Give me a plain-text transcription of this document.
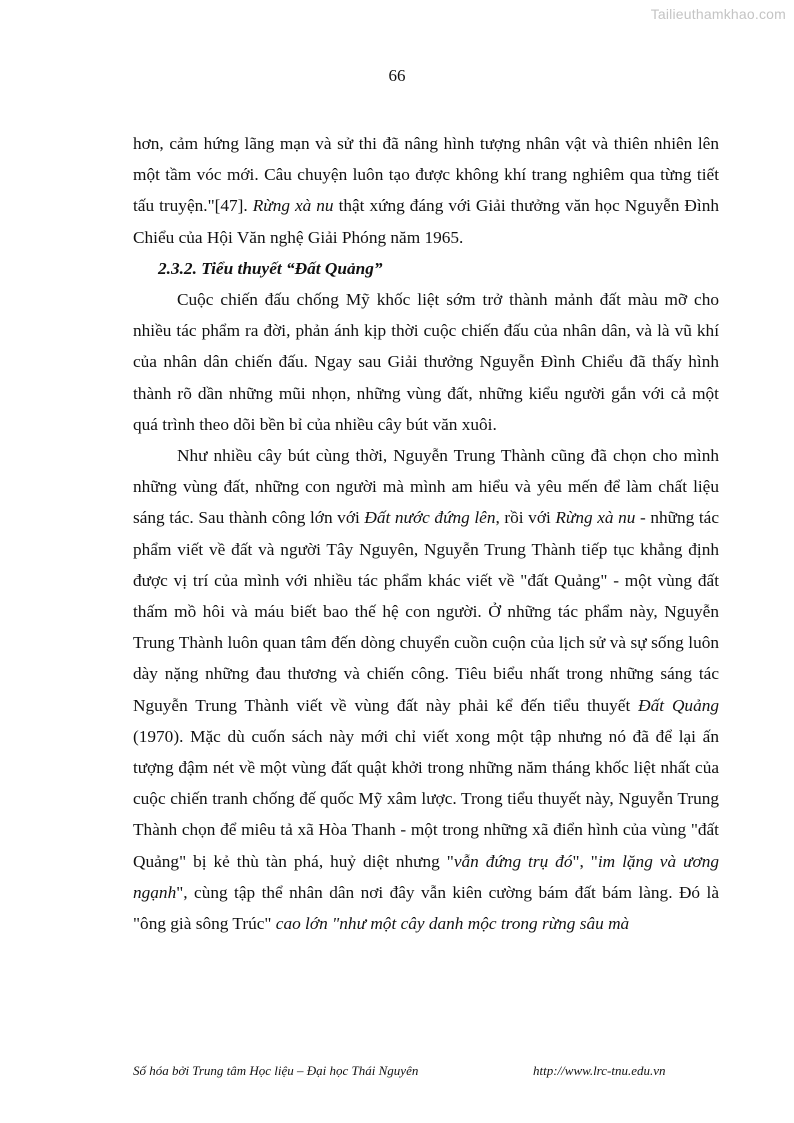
Tailieuthamkhao.com
66

hơn, cảm hứng lãng mạn và sử thi đã nâng hình tượng nhân vật và thiên nhiên lên một tầm vóc mới. Câu chuyện luôn tạo được không khí trang nghiêm qua từng tiết tấu truyện."[47]. Rừng xà nu thật xứng đáng với Giải thưởng văn học Nguyễn Đình Chiểu của Hội Văn nghệ Giải Phóng năm 1965.

2.3.2. Tiểu thuyết “Đất Quảng”

Cuộc chiến đấu chống Mỹ khốc liệt sớm trở thành mảnh đất màu mỡ cho nhiều tác phẩm ra đời, phản ánh kịp thời cuộc chiến đấu của nhân dân, và là vũ khí của nhân dân chiến đấu. Ngay sau Giải thưởng Nguyễn Đình Chiểu đã thấy hình thành rõ dần những mũi nhọn, những vùng đất, những kiểu người gắn với cả một quá trình theo dõi bền bỉ của nhiều cây bút văn xuôi.

Như nhiều cây bút cùng thời, Nguyễn Trung Thành cũng đã chọn cho mình những vùng đất, những con người mà mình am hiểu và yêu mến để làm chất liệu sáng tác. Sau thành công lớn với Đất nước đứng lên, rồi với Rừng xà nu - những tác phẩm viết về đất và người Tây Nguyên, Nguyễn Trung Thành tiếp tục khẳng định được vị trí của mình với nhiều tác phẩm khác viết về "đất Quảng" - một vùng đất thấm mồ hôi và máu biết bao thế hệ con người. Ở những tác phẩm này, Nguyễn Trung Thành luôn quan tâm đến dòng chuyển cuồn cuộn của lịch sử và sự sống luôn dày nặng những đau thương và chiến công. Tiêu biểu nhất trong những sáng tác Nguyễn Trung Thành viết về vùng đất này phải kể đến tiểu thuyết Đất Quảng (1970). Mặc dù cuốn sách này mới chỉ viết xong một tập nhưng nó đã để lại ấn tượng đậm nét về một vùng đất quật khởi trong những năm tháng khốc liệt nhất của cuộc chiến tranh chống đế quốc Mỹ xâm lược. Trong tiểu thuyết này, Nguyễn Trung Thành chọn để miêu tả xã Hòa Thanh - một trong những xã điển hình của vùng "đất Quảng" bị kẻ thù tàn phá, huỷ diệt nhưng "vẫn đứng trụ đó", "im lặng và ương ngạnh", cùng tập thể nhân dân nơi đây vẫn kiên cường bám đất bám làng. Đó là "ông già sông Trúc" cao lớn "như một cây danh mộc trong rừng sâu mà

Số hóa bởi Trung tâm Học liệu – Đại học Thái Nguyên	http://www.lrc-tnu.edu.vn
